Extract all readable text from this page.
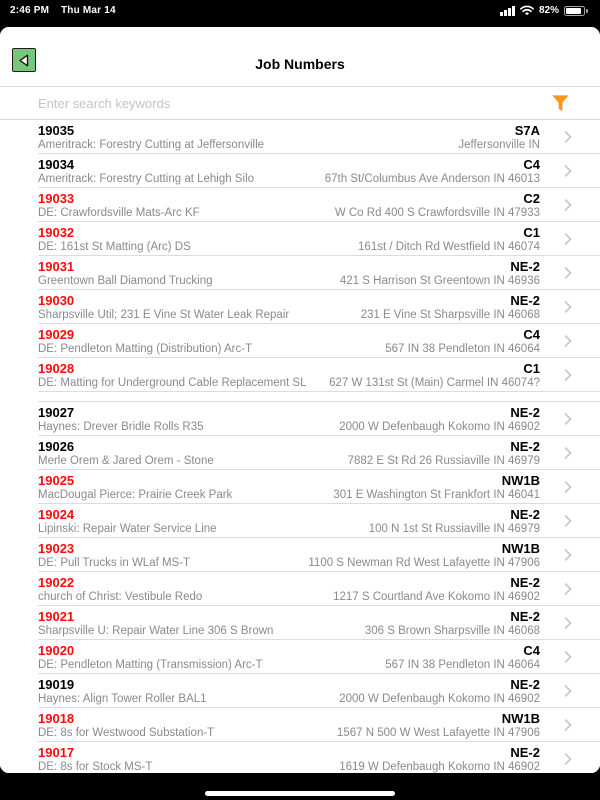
2:46 PM Thu Mar 14	82%
Job Numbers
Enter search keywords
19035
Ameritrack: Forestry Cutting at Jeffersonville
S7A
Jeffersonville IN
19034
Ameritrack: Forestry Cutting at Lehigh Silo
C4
67th St/Columbus Ave Anderson IN 46013
19033
DE: Crawfordsville Mats-Arc KF
C2
W Co Rd 400 S Crawfordsville IN 47933
19032
DE: 161st St Matting (Arc) DS
C1
161st / Ditch Rd Westfield IN 46074
19031
Greentown Ball Diamond Trucking
NE-2
421 S Harrison St Greentown IN 46936
19030
Sharpsville Util; 231 E Vine St Water Leak Repair
NE-2
231 E Vine St Sharpsville IN 46068
19029
DE: Pendleton Matting (Distribution) Arc-T
C4
567 IN 38 Pendleton IN 46064
19028
DE: Matting for Underground Cable Replacement SL
C1
627 W 131st St (Main) Carmel IN 46074?
19027
Haynes: Drever Bridle Rolls R35
NE-2
2000 W Defenbaugh Kokomo IN 46902
19026
Merle Orem & Jared Orem - Stone
NE-2
7882 E St Rd 26 Russiaville IN 46979
19025
MacDougal Pierce: Prairie Creek Park
NW1B
301 E Washington St Frankfort IN 46041
19024
Lipinski: Repair Water Service Line
NE-2
100 N 1st St Russiaville IN 46979
19023
DE: Pull Trucks in WLaf MS-T
NW1B
1100 S Newman Rd West Lafayette IN 47906
19022
church of Christ: Vestibule Redo
NE-2
1217 S Courtland Ave Kokomo IN 46902
19021
Sharpsville U: Repair Water Line 306 S Brown
NE-2
306 S Brown Sharpsville IN 46068
19020
DE: Pendleton Matting (Transmission) Arc-T
C4
567 IN 38 Pendleton IN 46064
19019
Haynes: Align Tower Roller BAL1
NE-2
2000 W Defenbaugh Kokomo IN 46902
19018
DE: 8s for Westwood Substation-T
NW1B
1567 N 500 W West Lafayette IN 47906
19017
DE: 8s for Stock MS-T
NE-2
1619 W Defenbaugh Kokomo IN 46902
